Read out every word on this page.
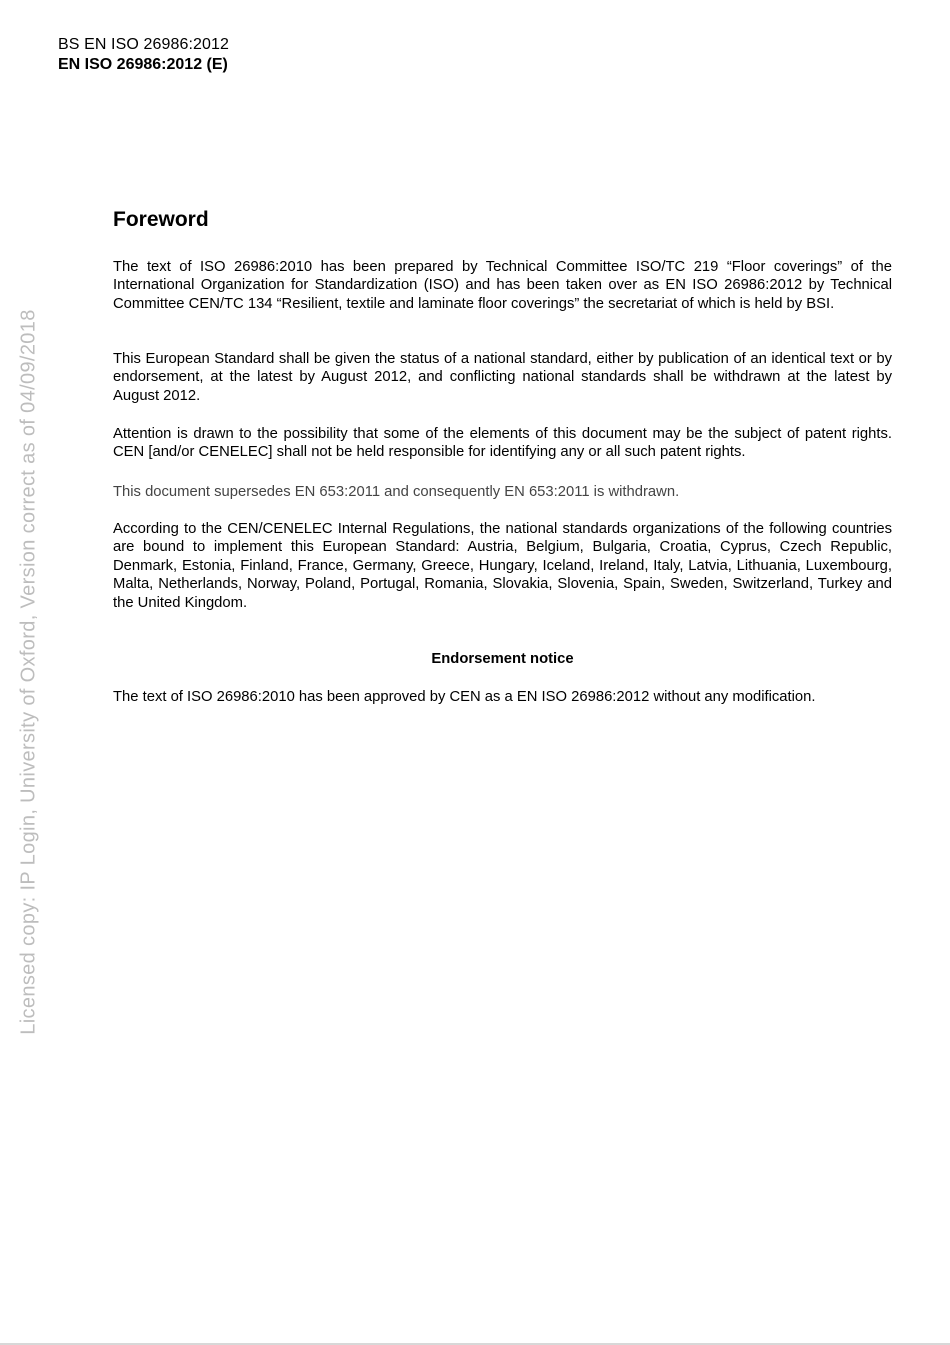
BS EN ISO 26986:2012
EN ISO 26986:2012 (E)
Licensed copy: IP Login, University of Oxford, Version correct as of 04/09/2018
Foreword

The text of ISO 26986:2010 has been prepared by Technical Committee ISO/TC 219 “Floor coverings” of the International Organization for Standardization (ISO) and has been taken over as EN ISO 26986:2012 by Technical Committee CEN/TC 134 “Resilient, textile and laminate floor coverings” the secretariat of which is held by BSI.

This European Standard shall be given the status of a national standard, either by publication of an identical text or by endorsement, at the latest by August 2012, and conflicting national standards shall be withdrawn at the latest by August 2012.

Attention is drawn to the possibility that some of the elements of this document may be the subject of patent rights. CEN [and/or CENELEC] shall not be held responsible for identifying any or all such patent rights.

This document supersedes EN 653:2011 and consequently EN 653:2011 is withdrawn.

According to the CEN/CENELEC Internal Regulations, the national standards organizations of the following countries are bound to implement this European Standard: Austria, Belgium, Bulgaria, Croatia, Cyprus, Czech Republic, Denmark, Estonia, Finland, France, Germany, Greece, Hungary, Iceland, Ireland, Italy, Latvia, Lithuania, Luxembourg, Malta, Netherlands, Norway, Poland, Portugal, Romania, Slovakia, Slovenia, Spain, Sweden, Switzerland, Turkey and the United Kingdom.

Endorsement notice

The text of ISO 26986:2010 has been approved by CEN as a EN ISO 26986:2012 without any modification.
